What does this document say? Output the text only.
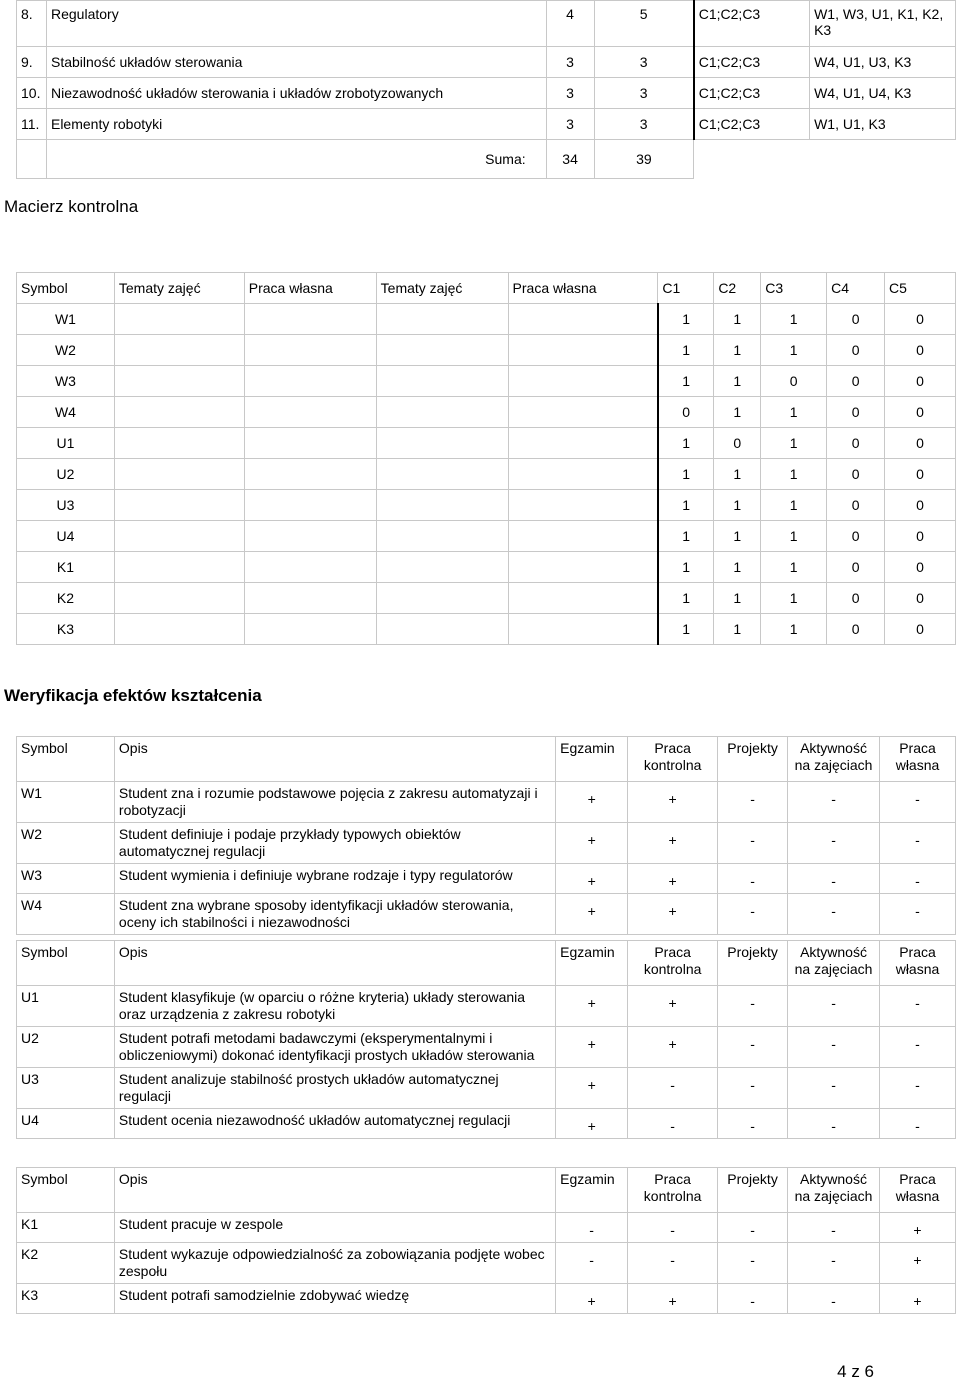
8.	Regulatory	4	5	C1;C2;C3	W1, W3, U1, K1, K2, K3
9.	Stabilność układów sterowania	3	3	C1;C2;C3	W4, U1, U3, K3
10.	Niezawodność układów sterowania i układów zrobotyzowanych	3	3	C1;C2;C3	W4, U1, U4, K3
11.	Elementy robotyki	3	3	C1;C2;C3	W1, U1, K3
	Suma:	34	39		
Macierz kontrolna
Symbol	Tematy zajęć	Praca własna	Tematy zajęć	Praca własna	C1	C2	C3	C4	C5
W1					1	1	1	0	0
W2					1	1	1	0	0
W3					1	1	0	0	0
W4					0	1	1	0	0
U1					1	0	1	0	0
U2					1	1	1	0	0
U3					1	1	1	0	0
U4					1	1	1	0	0
K1					1	1	1	0	0
K2					1	1	1	0	0
K3					1	1	1	0	0
Weryfikacja efektów kształcenia
Symbol	Opis	Egzamin	Praca kontrolna	Projekty	Aktywność na zajęciach	Praca własna
W1	Student zna i rozumie podstawowe pojęcia z zakresu automatyzaji i robotyzacji	+	+	-	-	-
W2	Student definiuje i podaje przykłady typowych obiektów automatycznej regulacji	+	+	-	-	-
W3	Student wymienia i definiuje wybrane rodzaje i typy regulatorów	+	+	-	-	-
W4	Student zna wybrane sposoby identyfikacji układów sterowania, oceny ich stabilności i niezawodności	+	+	-	-	-
Symbol	Opis	Egzamin	Praca kontrolna	Projekty	Aktywność na zajęciach	Praca własna
U1	Student klasyfikuje (w oparciu o różne kryteria) układy sterowania oraz urządzenia z zakresu robotyki	+	+	-	-	-
U2	Student potrafi metodami badawczymi (eksperymentalnymi i obliczeniowymi) dokonać identyfikacji prostych układów sterowania	+	+	-	-	-
U3	Student analizuje stabilność prostych układów automatycznej regulacji	+	-	-	-	-
U4	Student ocenia niezawodność układów automatycznej regulacji	+	-	-	-	-
Symbol	Opis	Egzamin	Praca kontrolna	Projekty	Aktywność na zajęciach	Praca własna
K1	Student pracuje w zespole	-	-	-	-	+
K2	Student wykazuje odpowiedzialność za zobowiązania podjęte wobec zespołu	-	-	-	-	+
K3	Student potrafi samodzielnie zdobywać wiedzę	+	+	-	-	+
4 z 6
